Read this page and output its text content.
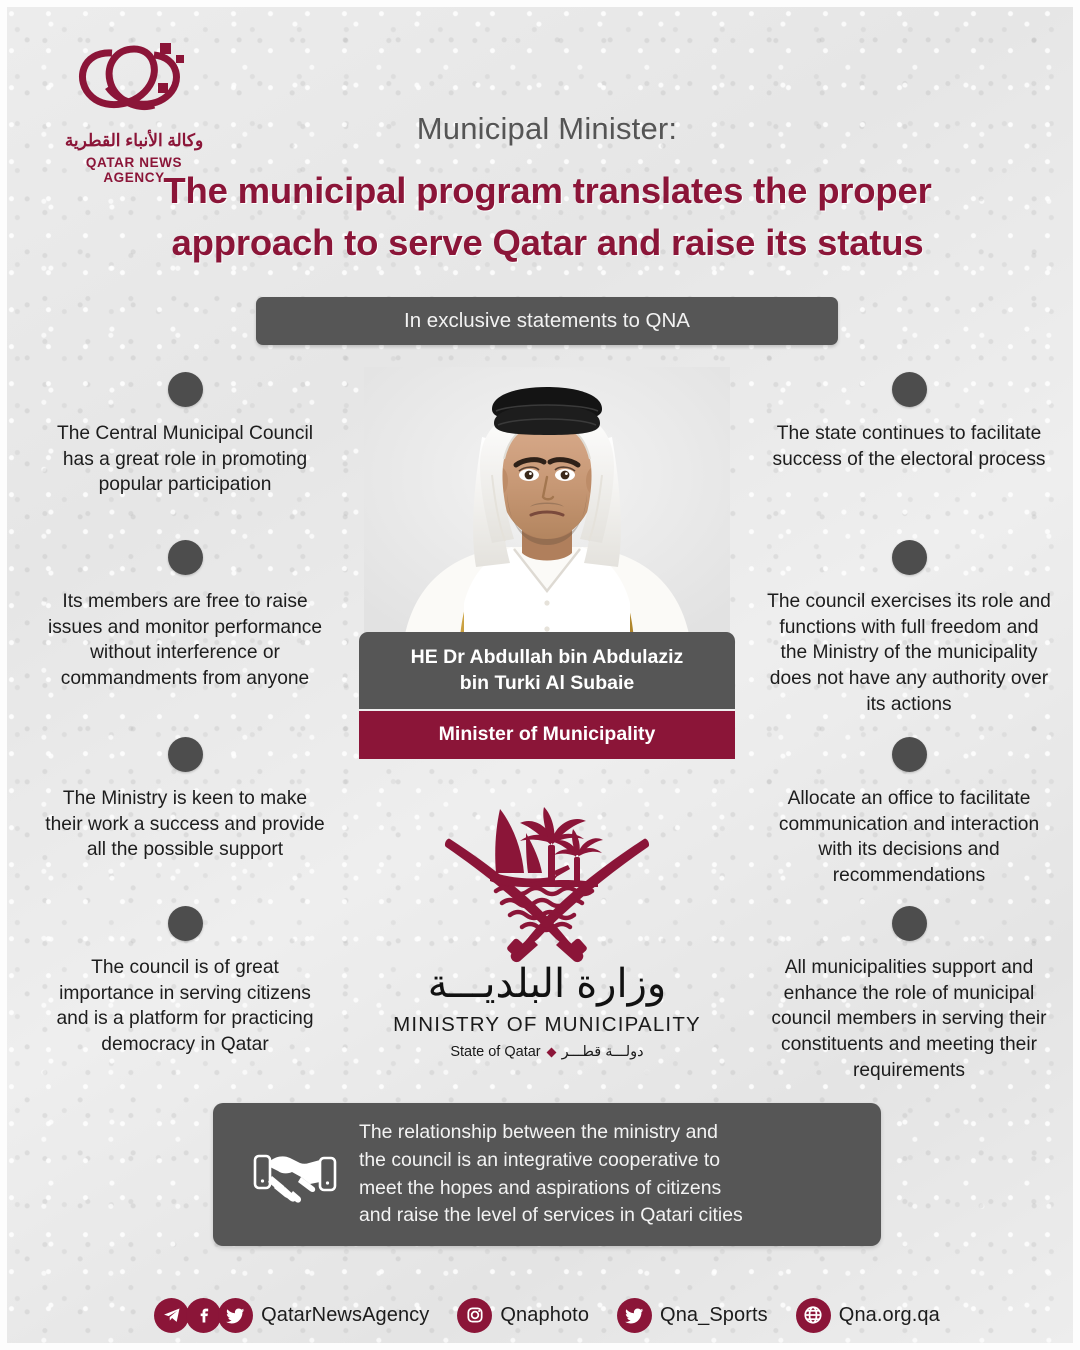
وكالة الأنباء القطرية
QATAR NEWS AGENCY
Municipal Minister:
The municipal program translates the proper
approach to serve Qatar and raise its status
In exclusive statements to QNA
The Central Municipal Council has a great role in promoting popular participation
Its members are free to raise issues and monitor performance without interference or commandments from anyone
The Ministry is keen to make their work a success and provide all the possible support
The council is of great importance in serving citizens and is a platform for practicing democracy in Qatar
The state continues to facilitate success of the electoral process
The council exercises its role and functions with full freedom and the Ministry of the municipality does not have any authority over its actions
Allocate an office to facilitate communication and interaction with its decisions and recommendations
All municipalities support and enhance the role of municipal council members in serving their constituents and meeting their requirements
HE Dr Abdullah bin Abdulaziz
bin Turki Al Subaie
Minister of Municipality
وزارة البلديـــة
MINISTRY OF MUNICIPALITY
State of Qatar دولـــة قطـــر
The relationship between the ministry and
the council is an integrative cooperative to
meet the hopes and aspirations of citizens
and raise the level of services in Qatari cities
QatarNewsAgency	Qnaphoto	Qna_Sports	Qna.org.qa
